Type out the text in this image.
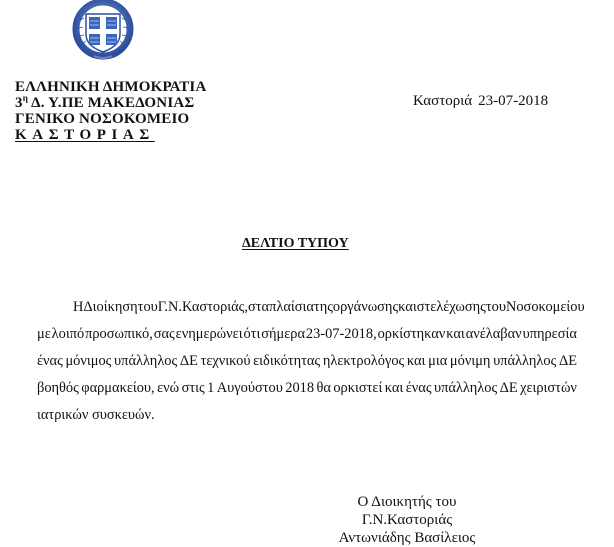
ΕΛΛΗΝΙΚΗ ΔΗΜΟΚΡΑΤΙΑ
$3^\eta$ Δ. Υ.ΠΕ ΜΑΚΕΔΟΝΙΑΣ
ΓΕΝΙΚΟ ΝΟΣΟΚΟΜΕΙΟ
ΚΑΣΤΟΡΙΑΣ
Καστοριά 23-07-2018
ΔΕΛΤΙΟ ΤΥΠΟΥ
Η Διοίκηση του Γ.Ν.Καστοριάς, στα πλαίσια της οργάνωσης και στελέχωσης του Νοσοκομείου
με λοιπό προσωπικό, σας ενημερώνει ότι σήμερα 23-07-2018, ορκίστηκαν και ανέλαβαν υπηρεσία
ένας μόνιμος υπάλληλος ΔΕ τεχνικού ειδικότητας ηλεκτρολόγος και μια μόνιμη υπάλληλος ΔΕ
βοηθός φαρμακείου, ενώ στις 1 Αυγούστου 2018 θα ορκιστεί και ένας υπάλληλος ΔΕ χειριστών
ιατρικών συσκευών.
Ο Διοικητής του Γ.Ν.Καστοριάς
Αντωνιάδης Βασίλειος
